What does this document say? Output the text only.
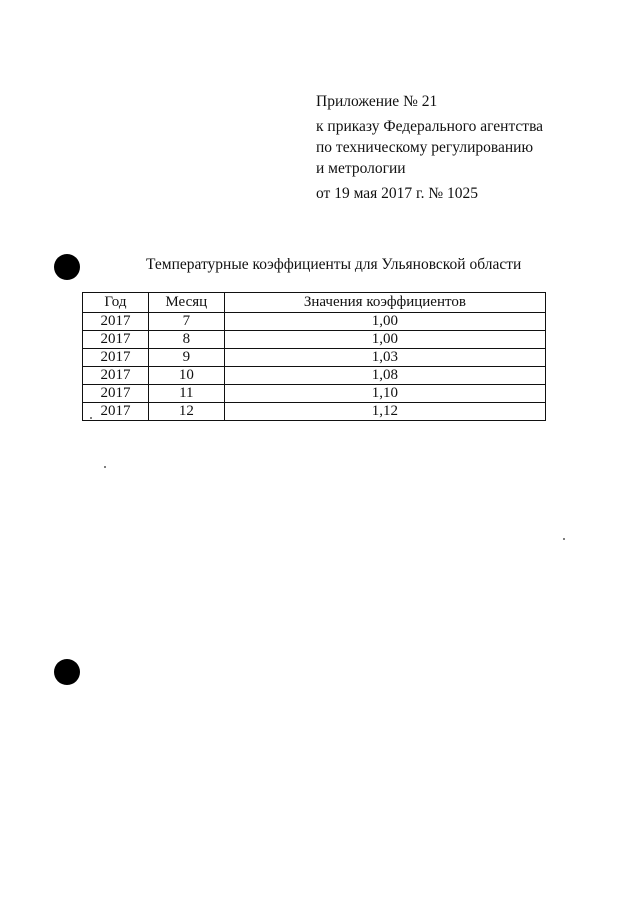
Приложение № 21
к приказу Федерального агентства
по техническому регулированию
и метрологии
от 19 мая 2017 г. № 1025
Температурные коэффициенты для Ульяновской области
Год	Месяц	Значения коэффициентов
2017	7	1,00
2017	8	1,00
2017	9	1,03
2017	10	1,08
2017	11	1,10
2017	12	1,12
